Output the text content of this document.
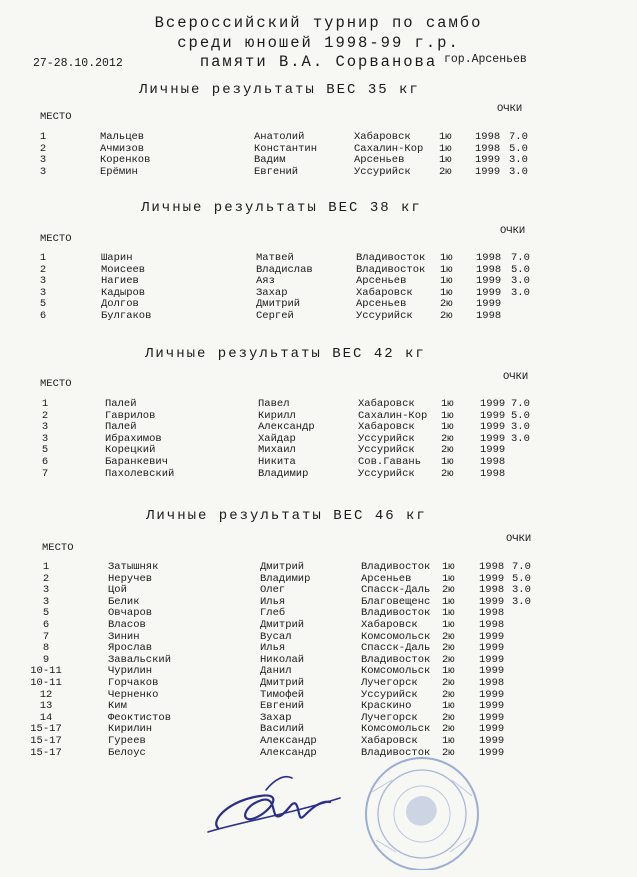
Всероссийский турнир по самбо
среди юношей 1998-99 г.р.
памяти В.А. Сорванова
27-28.10.2012	гор.Арсеньев
Личные результаты ВЕС 35 кг
МЕСТО
ОЧКИ
1	Мальцев	Анатолий	Хабаровск	1ю 1998 7.0
2	Ачмизов	Константин	Сахалин-Кор 1ю 1998 5.0
3	Коренков	Вадим	Арсеньев	1ю 1999 3.0
3	Ерёмин	Евгений	Уссурийск	2ю 1999 3.0
Личные результаты ВЕС 38 кг
МЕСТО
ОЧКИ
1	Шарин	Матвей	Владивосток 1ю 1998 7.0
2	Моисеев	Владислав	Владивосток 1ю 1998 5.0
3	Нагиев	Аяз	Арсеньев	1ю 1999 3.0
3	Кадыров	Захар	Хабаровск	1ю 1999 3.0
5	Долгов	Дмитрий	Арсеньев	2ю 1999
6	Булгаков	Сергей	Уссурийск	2ю 1998
Личные результаты ВЕС 42 кг
МЕСТО
ОЧКИ
1	Палей	Павел	Хабаровск	1ю	1999 7.0
2	Гаврилов	Кирилл	Сахалин-Кор 1ю	1999 5.0
3	Палей	Александр	Хабаровск	1ю	1999 3.0
3	Ибрахимов	Хайдар	Уссурийск	2ю	1999 3.0
5	Корецкий	Михаил	Уссурийск	2ю	1999
6	Баранкевич	Никита	Сов.Гавань 1ю	1998
7	Пахолевский	Владимир	Уссурийск	2ю	1998
Личные результаты ВЕС 46 кг
МЕСТО
ОЧКИ
1	Затышняк	Дмитрий	Владивосток 1ю 1998 7.0
2	Неручев	Владимир	Арсеньев	1ю 1999 5.0
3	Цой	Олег	Спасск-Даль 2ю 1998 3.0
3	Белик	Илья	Благовещенс 1ю 1999 3.0
5	Овчаров	Глеб	Владивосток 1ю 1998
6	Власов	Дмитрий	Хабаровск 1ю 1998
7	Зинин	Вусал	Комсомольск 2ю 1999
8	Ярослав	Илья	Спасск-Даль 2ю 1999
9	Завальский	Николай	Владивосток 2ю 1999
10-11	Чурилин	Данил	Комсомольск 1ю 1999
10-11	Горчаков	Дмитрий	Лучегорск 2ю 1998
12	Черненко	Тимофей	Уссурийск 2ю 1999
13	Ким	Евгений	Краскино	1ю 1999
14	Феоктистов	Захар	Лучегорск 2ю 1999
15-17	Кирилин	Василий	Комсомольск 2ю 1999
15-17	Гуреев	Александр	Хабаровск 1ю 1999
15-17	Белоус	Александр	Владивосток 2ю 1999
